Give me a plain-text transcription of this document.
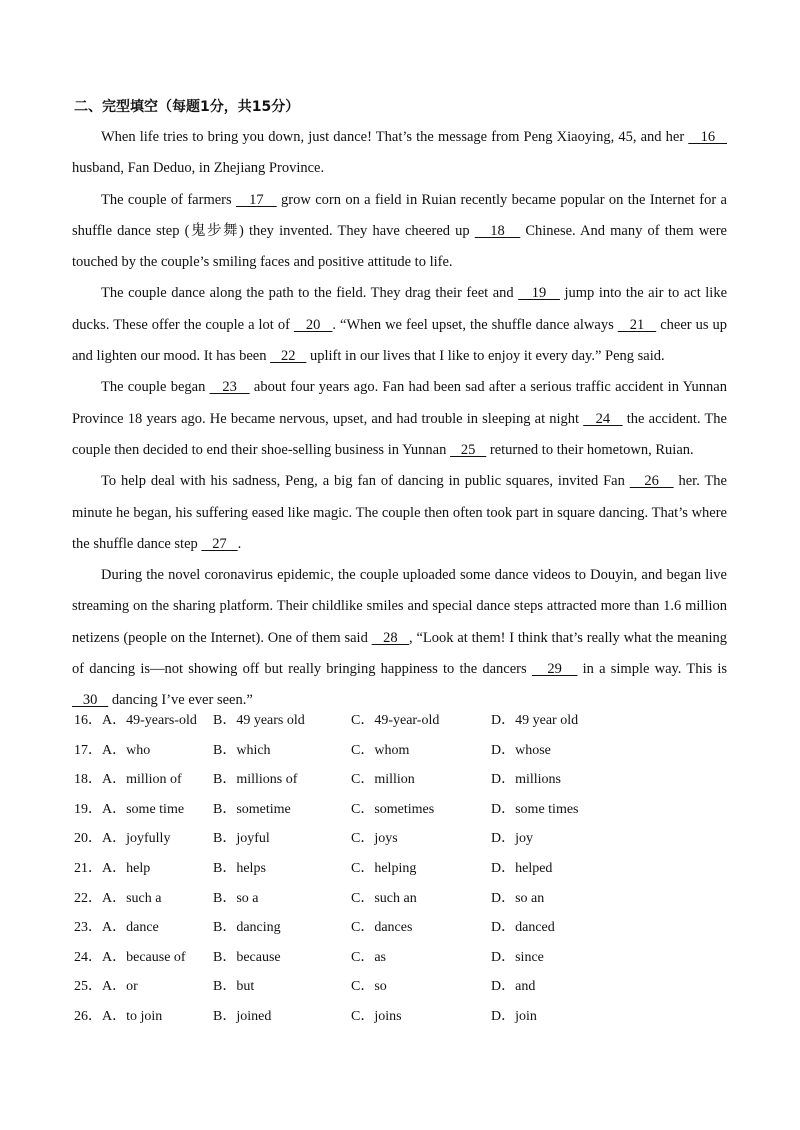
二、完型填空（每题1分，共15分）

When life tries to bring you down, just dance! That’s the message from Peng Xiaoying, 45, and her    16    husband, Fan Deduo, in Zhejiang Province.

The couple of farmers    17    grow corn on a field in Ruian recently became popular on the Internet for a shuffle dance step (鬼步舞) they invented. They have cheered up    18    Chinese. And many of them were touched by the couple’s smiling faces and positive attitude to life.

The couple dance along the path to the field. They drag their feet and    19    jump into the air to act like ducks. These offer the couple a lot of    20   . “When we feel upset, the shuffle dance always    21    cheer us up and lighten our mood. It has been    22    uplift in our lives that I like to enjoy it every day.” Peng said.

The couple began    23    about four years ago. Fan had been sad after a serious traffic accident in Yunnan Province 18 years ago. He became nervous, upset, and had trouble in sleeping at night    24    the accident. The couple then decided to end their shoe-selling business in Yunnan    25    returned to their hometown, Ruian.

To help deal with his sadness, Peng, a big fan of dancing in public squares, invited Fan    26    her. The minute he began, his suffering eased like magic. The couple then often took part in square dancing. That’s where the shuffle dance step    27   .

During the novel coronavirus epidemic, the couple uploaded some dance videos to Douyin, and began live streaming on the sharing platform. Their childlike smiles and special dance steps attracted more than 1.6 million netizens (people on the Internet). One of them said    28   , “Look at them! I think that’s really what the meaning of dancing is—not showing off but really bringing happiness to the dancers    29    in a simple way. This is    30    dancing I’ve ever seen.”

16．A．49-years-old B．49 years old	C．49-year-old	D．49 year old
17．A．who	B．which	C．whom	D．whose
18．A．million of B．millions of	C．million	D．millions
19．A．some time B．sometime	C．sometimes	D．some times
20．A．joyfully	B．joyful	C．joys	D．joy
21．A．help	B．helps	C．helping	D．helped
22．A．such a	B．so a	C．such an	D．so an
23．A．dance	B．dancing	C．dances	D．danced
24．A．because of B．because	C．as	D．since
25．A．or	B．but	C．so	D．and
26．A．to join	B．joined	C．joins	D．join
